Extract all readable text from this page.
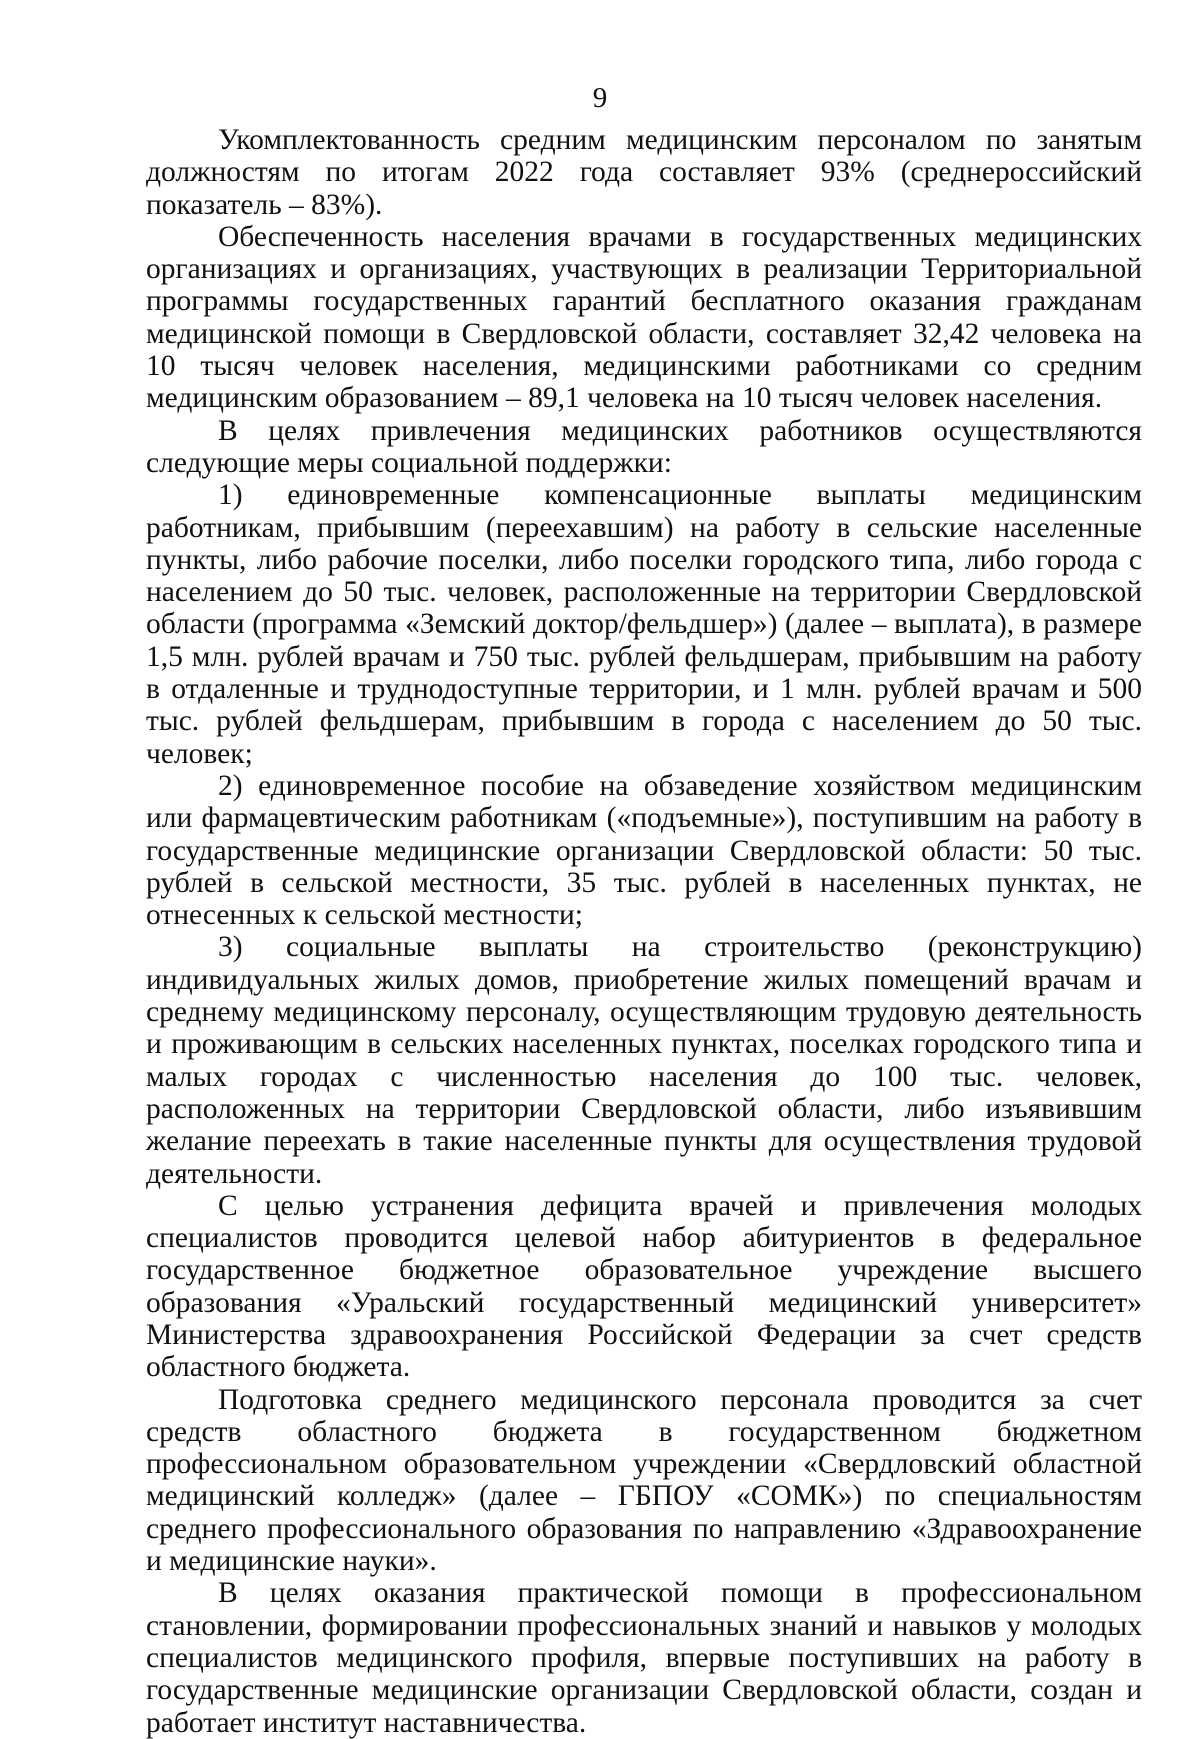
9

Укомплектованность средним медицинским персоналом по занятым должностям по итогам 2022 года составляет 93% (среднероссийский показатель – 83%).

Обеспеченность населения врачами в государственных медицинских организациях и организациях, участвующих в реализации Территориальной программы государственных гарантий бесплатного оказания гражданам медицинской помощи в Свердловской области, составляет 32,42 человека на 10 тысяч человек населения, медицинскими работниками со средним медицинским образованием – 89,1 человека на 10 тысяч человек населения.

В целях привлечения медицинских работников осуществляются следующие меры социальной поддержки:

1) единовременные компенсационные выплаты медицинским работникам, прибывшим (переехавшим) на работу в сельские населенные пункты, либо рабочие поселки, либо поселки городского типа, либо города с населением до 50 тыс. человек, расположенные на территории Свердловской области (программа «Земский доктор/фельдшер») (далее – выплата), в размере 1,5 млн. рублей врачам и 750 тыс. рублей фельдшерам, прибывшим на работу в отдаленные и труднодоступные территории, и 1 млн. рублей врачам и 500 тыс. рублей фельдшерам, прибывшим в города с населением до 50 тыс. человек;

2) единовременное пособие на обзаведение хозяйством медицинским или фармацевтическим работникам («подъемные»), поступившим на работу в государственные медицинские организации Свердловской области: 50 тыс. рублей в сельской местности, 35 тыс. рублей в населенных пунктах, не отнесенных к сельской местности;

3) социальные выплаты на строительство (реконструкцию) индивидуальных жилых домов, приобретение жилых помещений врачам и среднему медицинскому персоналу, осуществляющим трудовую деятельность и проживающим в сельских населенных пунктах, поселках городского типа и малых городах с численностью населения до 100 тыс. человек, расположенных на территории Свердловской области, либо изъявившим желание переехать в такие населенные пункты для осуществления трудовой деятельности.

С целью устранения дефицита врачей и привлечения молодых специалистов проводится целевой набор абитуриентов в федеральное государственное бюджетное образовательное учреждение высшего образования «Уральский государственный медицинский университет» Министерства здравоохранения Российской Федерации за счет средств областного бюджета.

Подготовка среднего медицинского персонала проводится за счет средств областного бюджета в государственном бюджетном профессиональном образовательном учреждении «Свердловский областной медицинский колледж» (далее – ГБПОУ «СОМК») по специальностям среднего профессионального образования по направлению «Здравоохранение и медицинские науки».

В целях оказания практической помощи в профессиональном становлении, формировании профессиональных знаний и навыков у молодых специалистов медицинского профиля, впервые поступивших на работу в государственные медицинские организации Свердловской области, создан и работает институт наставничества.
